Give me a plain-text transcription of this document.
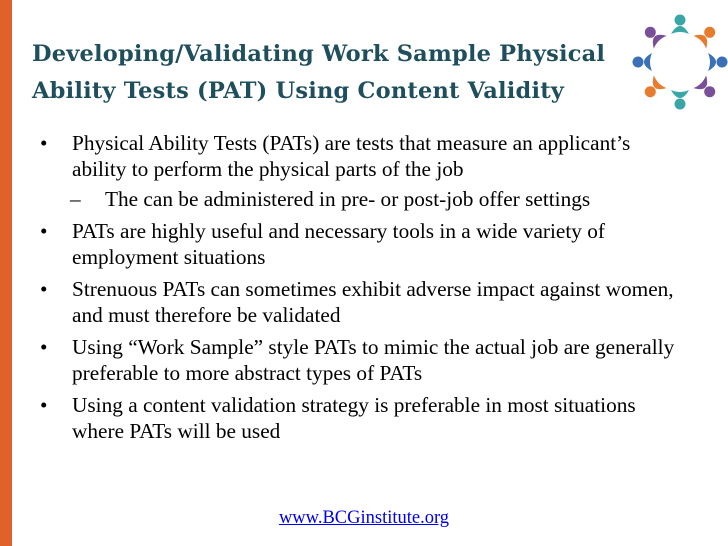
Developing/Validating Work Sample Physical
Ability Tests (PAT) Using Content Validity
•	Physical Ability Tests (PATs) are tests that measure an applicant’s ability to perform the physical parts of the job
–	The can be administered in pre- or post-job offer settings
•	PATs are highly useful and necessary tools in a wide variety of employment situations
•	Strenuous PATs can sometimes exhibit adverse impact against women, and must therefore be validated
•	Using “Work Sample” style PATs to mimic the actual job are generally preferable to more abstract types of PATs
•	Using a content validation strategy is preferable in most situations where PATs will be used
www.BCGinstitute.org
